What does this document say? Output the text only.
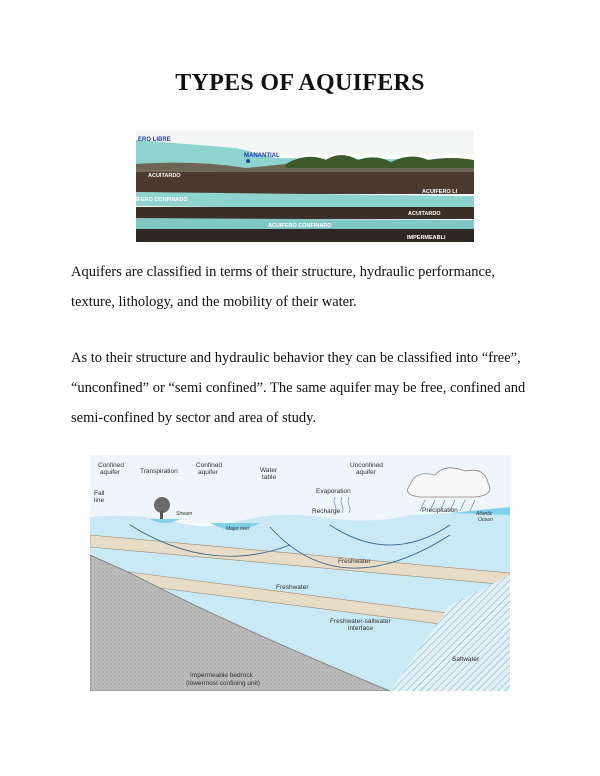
TYPES OF AQUIFERS
ERO LIBRE
MANANTIAL
ACUITARDO
ACUIFERO LI
ÍFERO CONFINADO
ACUITARDO
ACUIFERO CONFINADO
IMPERMEABLI

Aquifers are classified in terms of their structure, hydraulic performance, texture, lithology, and the mobility of their water.

As to their structure and hydraulic behavior they can be classified into “free”, “unconfined” or “semi confined”. The same aquifer may be free, confined and semi-confined by sector and area of study.

Confined
aquifer	Transpiration
Confined
aquifer	Water
table
Unconfined
aquifer
Evaporation
Precipitation
Fall
line
Recharge
Freshwater
Freshwater
Freshwater-saltwater
interface
Saltwater
Impermeable bedrock
(lowermost confining unit)
Stream
Major river
Atlantic
Ocean
